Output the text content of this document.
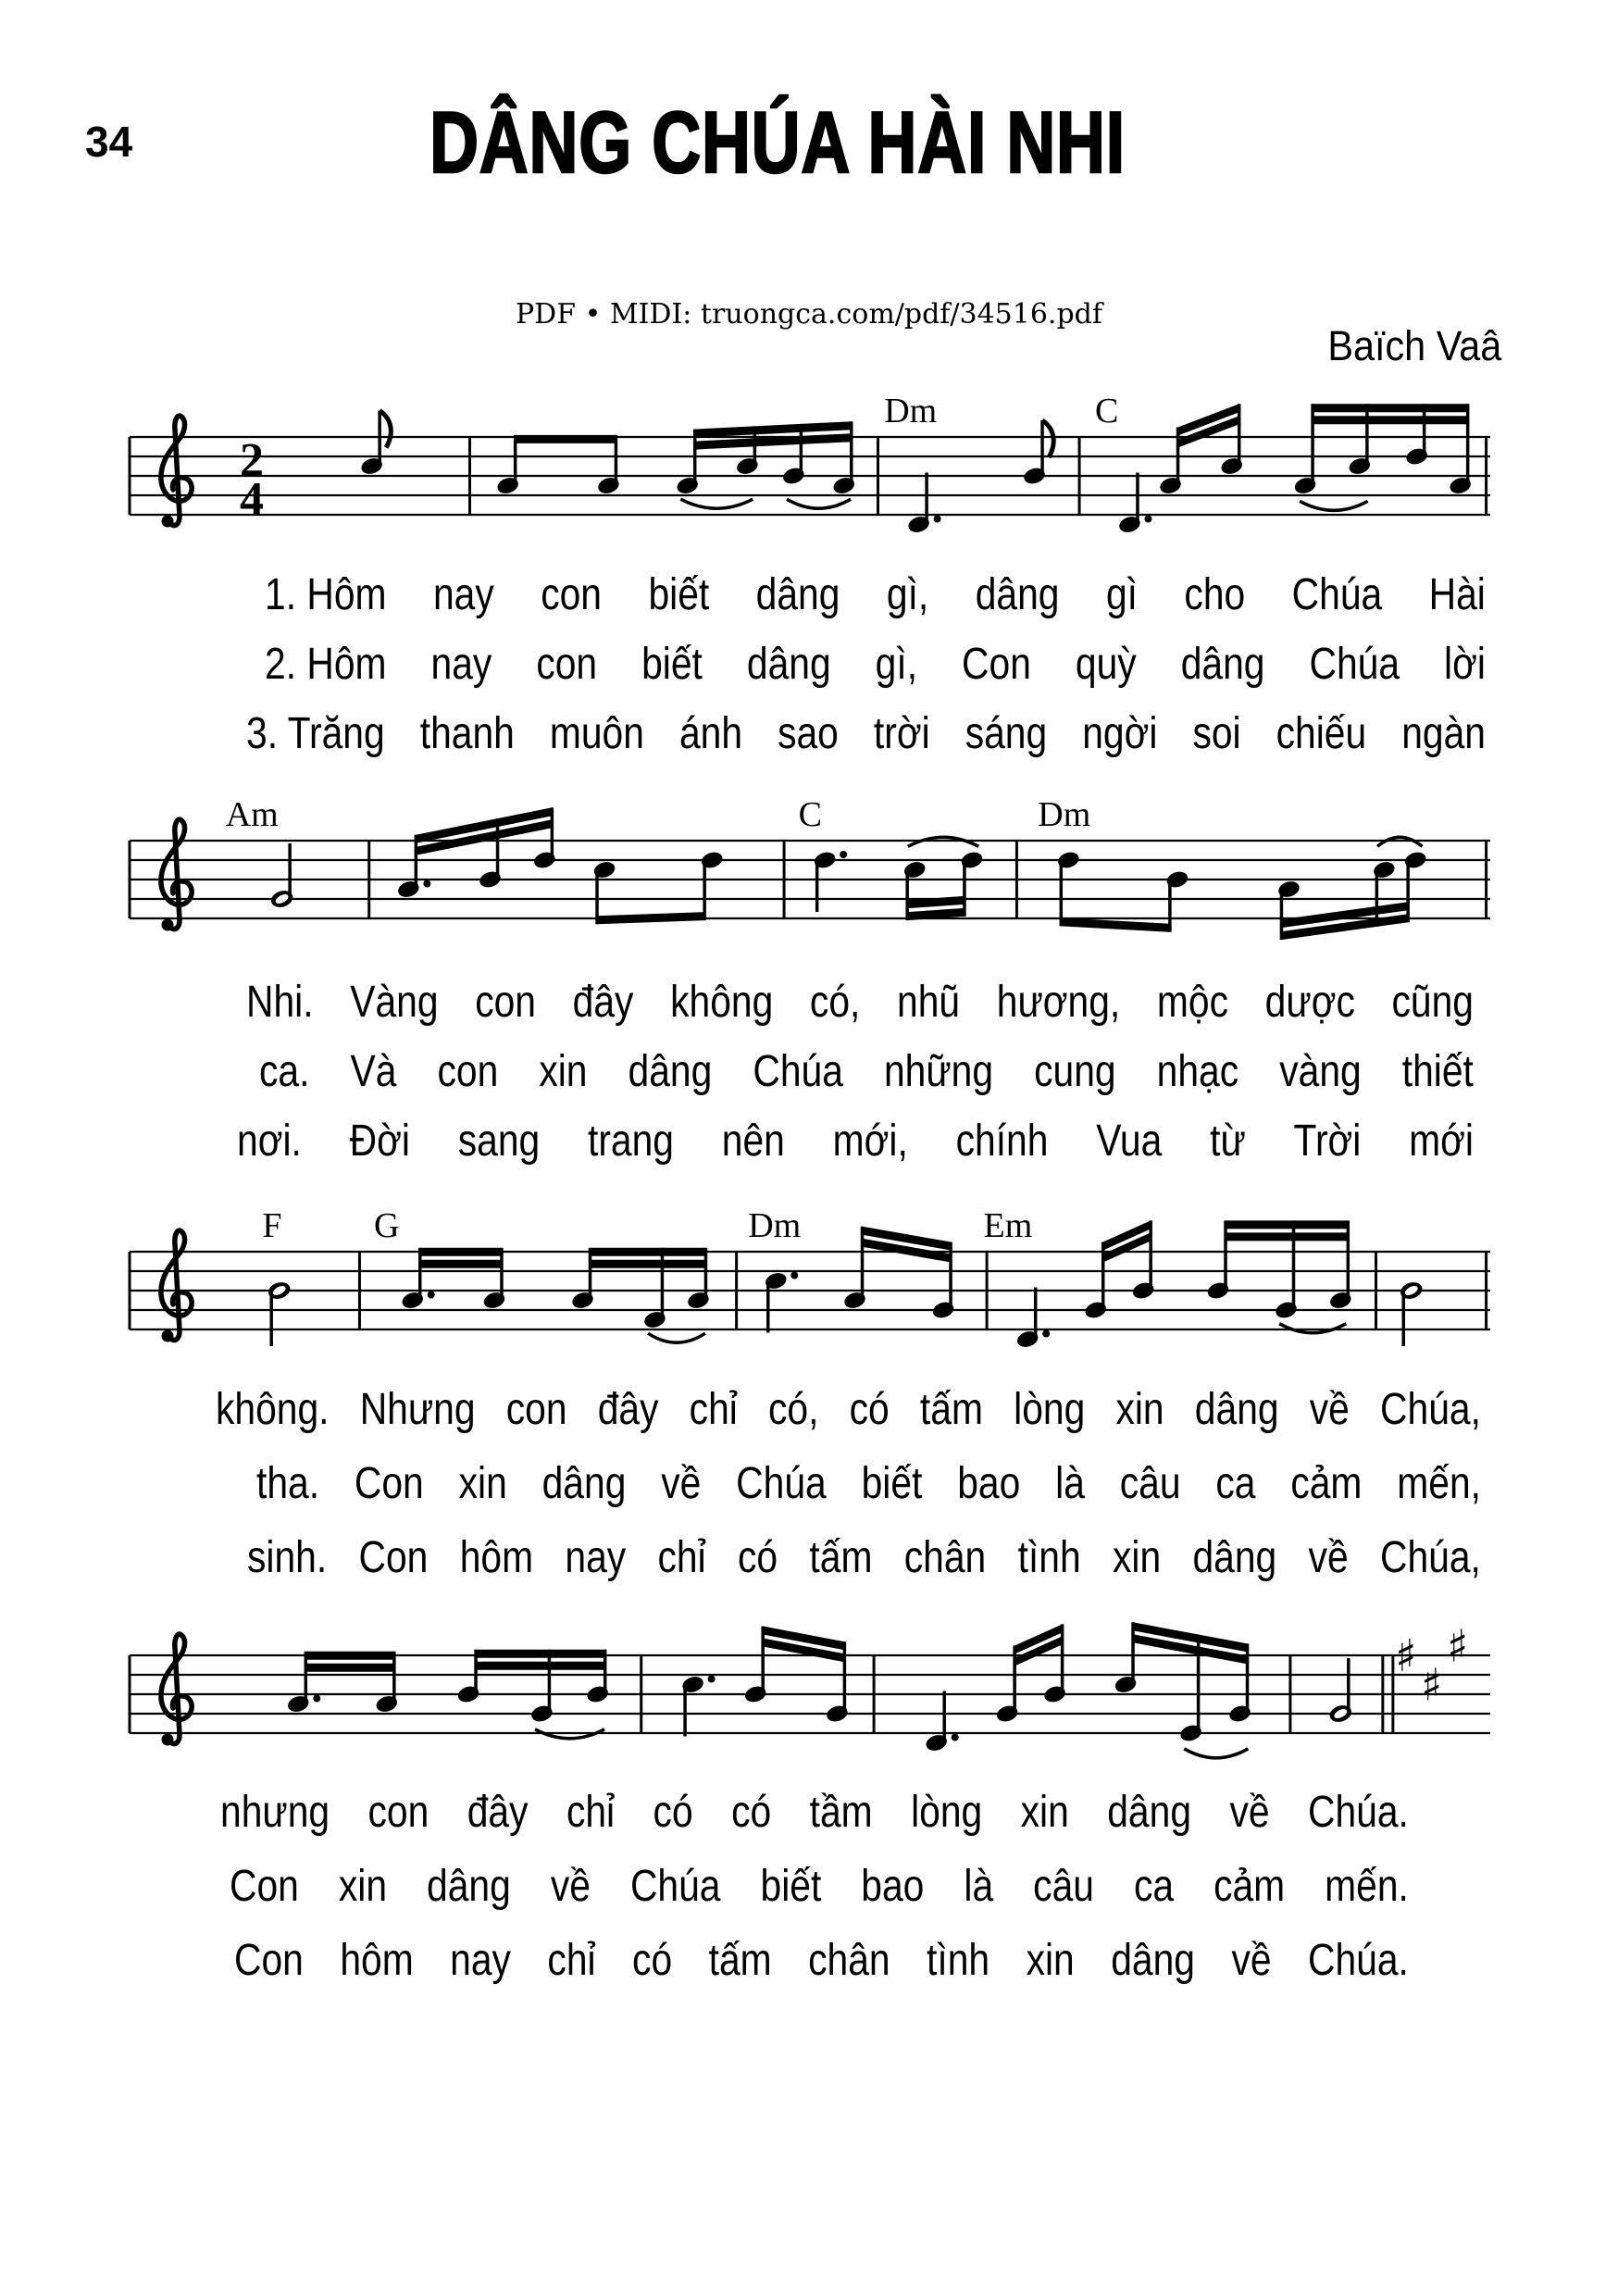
34	DÂNG CHÚA HÀI NHI
PDF • MIDI: truongca.com/pdf/34516.pdf
Baïch Vaâ
2
4
Dm	C
Am	C	Dm
F	G	Dm	Em
♯
♯
♯
1. Hôm nay con biết dâng gì, dâng gì cho Chúa Hài
2. Hôm nay con biết dâng gì, Con quỳ dâng Chúa lời
3. Trăng thanh muôn ánh sao trời sáng ngời soi chiếu ngàn
Nhi. Vàng con đây không có, nhũ hương, mộc dược cũng
ca. Và con xin dâng Chúa những cung nhạc vàng thiết
nơi. Đời sang trang nên mới, chính Vua từ Trời mới
không. Nhưng con đây chỉ có, có tấm lòng xin dâng về Chúa,
tha. Con xin dâng về Chúa biết bao là câu ca cảm mến,
sinh. Con hôm nay chỉ có tấm chân tình xin dâng về Chúa,
nhưng con đây chỉ có có tầm lòng xin dâng về Chúa.
Con xin dâng về Chúa biết bao là câu ca cảm mến.
Con hôm nay chỉ có tấm chân tình xin dâng về Chúa.
